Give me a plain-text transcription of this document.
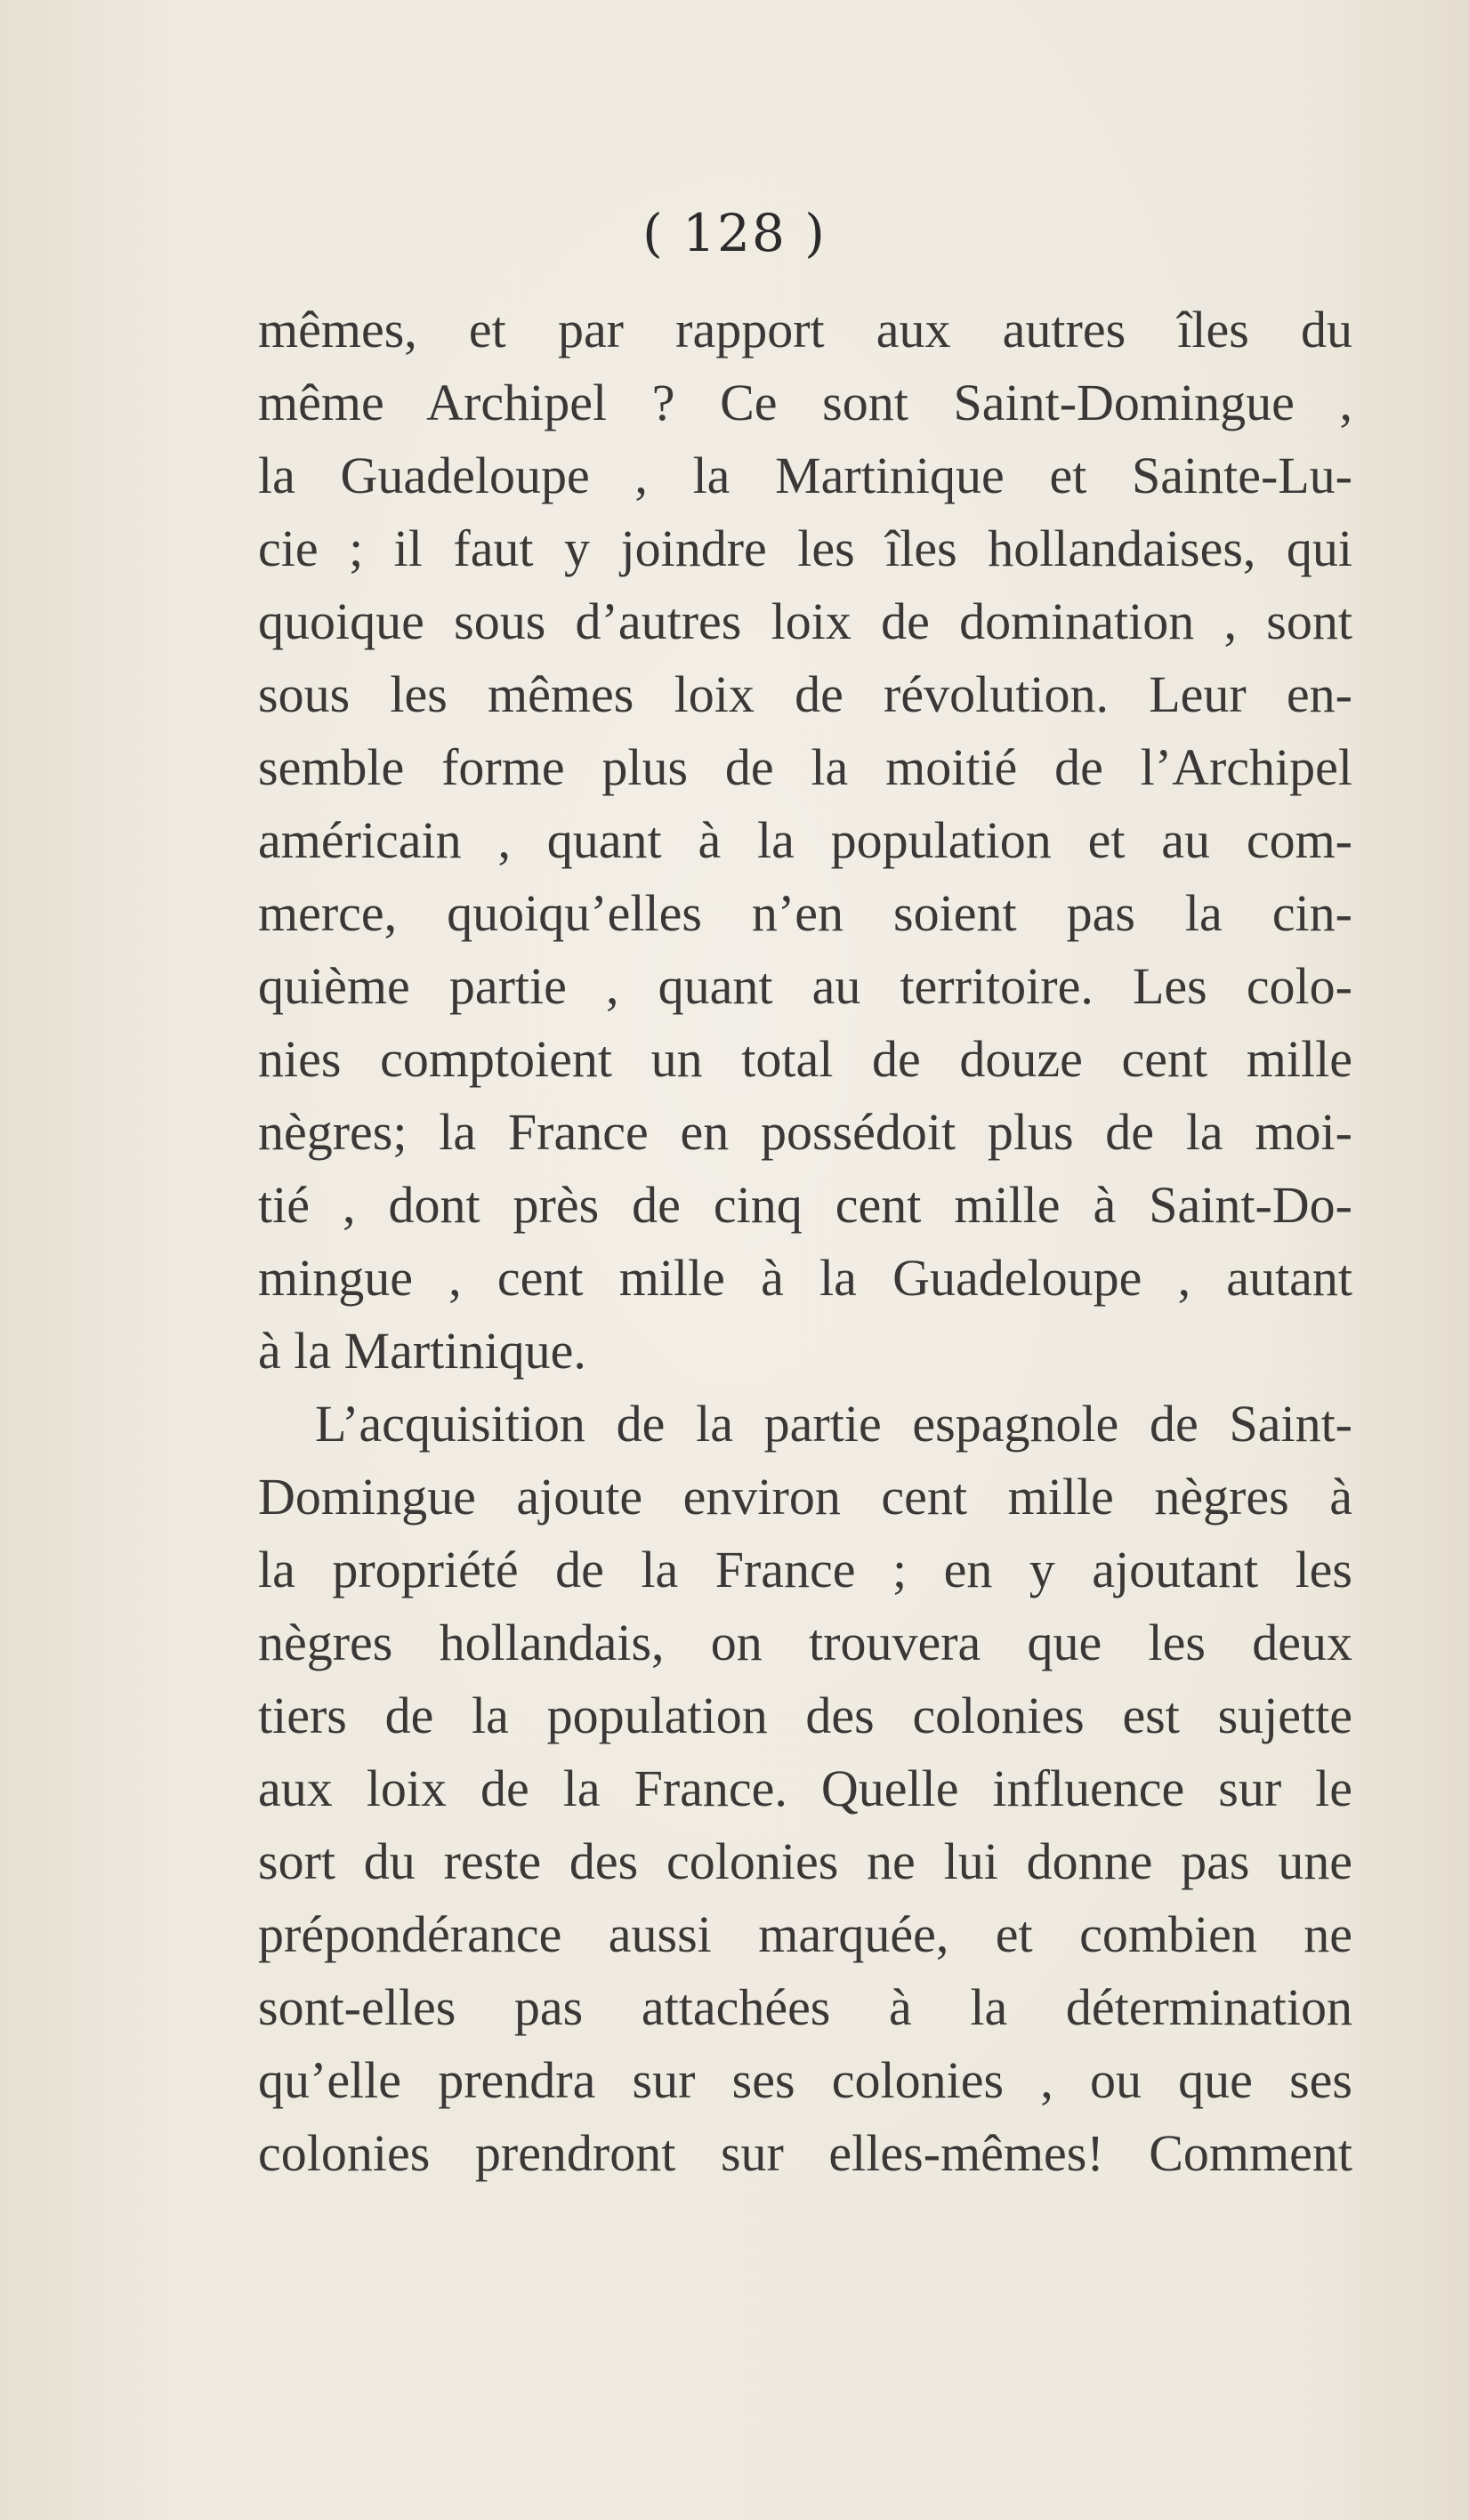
( 128 )
mêmes, et par rapport aux autres îles du
même Archipel ? Ce sont Saint-Domingue ,
la Guadeloupe , la Martinique et Sainte-Lu-
cie ; il faut y joindre les îles hollandaises, qui
quoique sous d’autres loix de domination , sont
sous les mêmes loix de révolution. Leur en-
semble forme plus de la moitié de l’Archipel
américain , quant à la population et au com-
merce, quoiqu’elles n’en soient pas la cin-
quième partie , quant au territoire. Les colo-
nies comptoient un total de douze cent mille
nègres; la France en possédoit plus de la moi-
tié , dont près de cinq cent mille à Saint-Do-
mingue , cent mille à la Guadeloupe , autant
à la Martinique.
L’acquisition de la partie espagnole de Saint-
Domingue ajoute environ cent mille nègres à
la propriété de la France ; en y ajoutant les
nègres hollandais, on trouvera que les deux
tiers de la population des colonies est sujette
aux loix de la France. Quelle influence sur le
sort du reste des colonies ne lui donne pas une
prépondérance aussi marquée, et combien ne
sont-elles pas attachées à la détermination
qu’elle prendra sur ses colonies , ou que ses
colonies prendront sur elles-mêmes! Comment
